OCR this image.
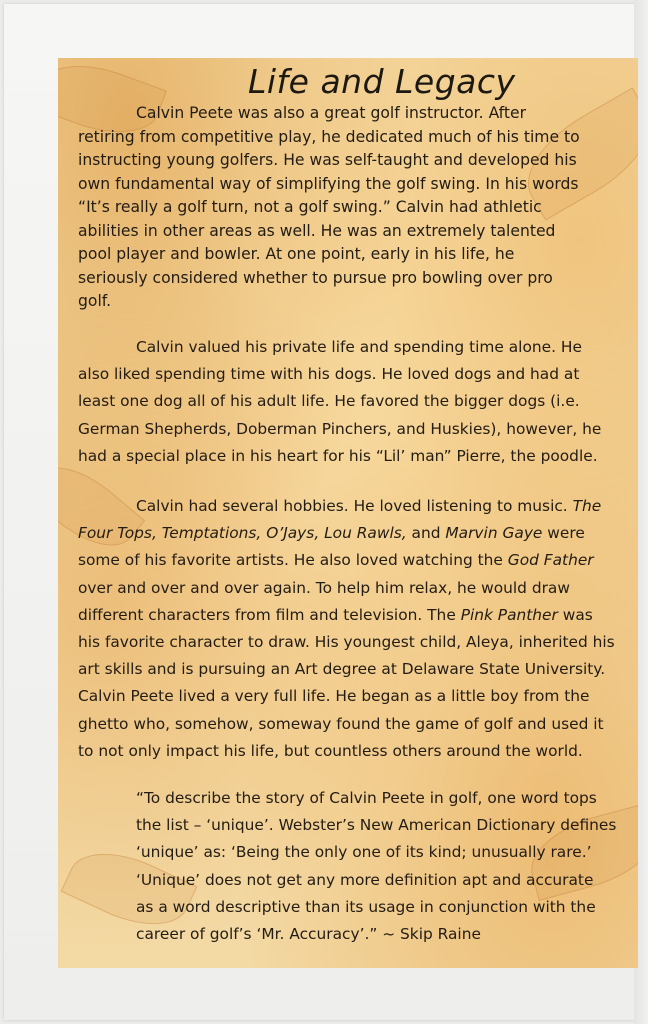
Life and Legacy
Calvin Peete was also a great golf instructor. After
retiring from competitive play, he dedicated much of his time to
instructing young golfers. He was self-taught and developed his
own fundamental way of simplifying the golf swing. In his words
“It’s really a golf turn, not a golf swing.” Calvin had athletic
abilities in other areas as well. He was an extremely talented
pool player and bowler. At one point, early in his life, he
seriously considered whether to pursue pro bowling over pro
golf.
Calvin valued his private life and spending time alone. He
also liked spending time with his dogs. He loved dogs and had at
least one dog all of his adult life. He favored the bigger dogs (i.e.
German Shepherds, Doberman Pinchers, and Huskies), however, he
had a special place in his heart for his “Lil’ man” Pierre, the poodle.
Calvin had several hobbies. He loved listening to music. The
Four Tops, Temptations, O’Jays, Lou Rawls, and Marvin Gaye were
some of his favorite artists. He also loved watching the God Father
over and over and over again. To help him relax, he would draw
different characters from film and television. The Pink Panther was
his favorite character to draw. His youngest child, Aleya, inherited his
art skills and is pursuing an Art degree at Delaware State University.
Calvin Peete lived a very full life. He began as a little boy from the
ghetto who, somehow, someway found the game of golf and used it
to not only impact his life, but countless others around the world.
“To describe the story of Calvin Peete in golf, one word tops
the list – ‘unique’. Webster’s New American Dictionary defines
‘unique’ as: ‘Being the only one of its kind; unusually rare.’
‘Unique’ does not get any more definition apt and accurate
as a word descriptive than its usage in conjunction with the
career of golf’s ‘Mr. Accuracy’.” ~ Skip Raine
